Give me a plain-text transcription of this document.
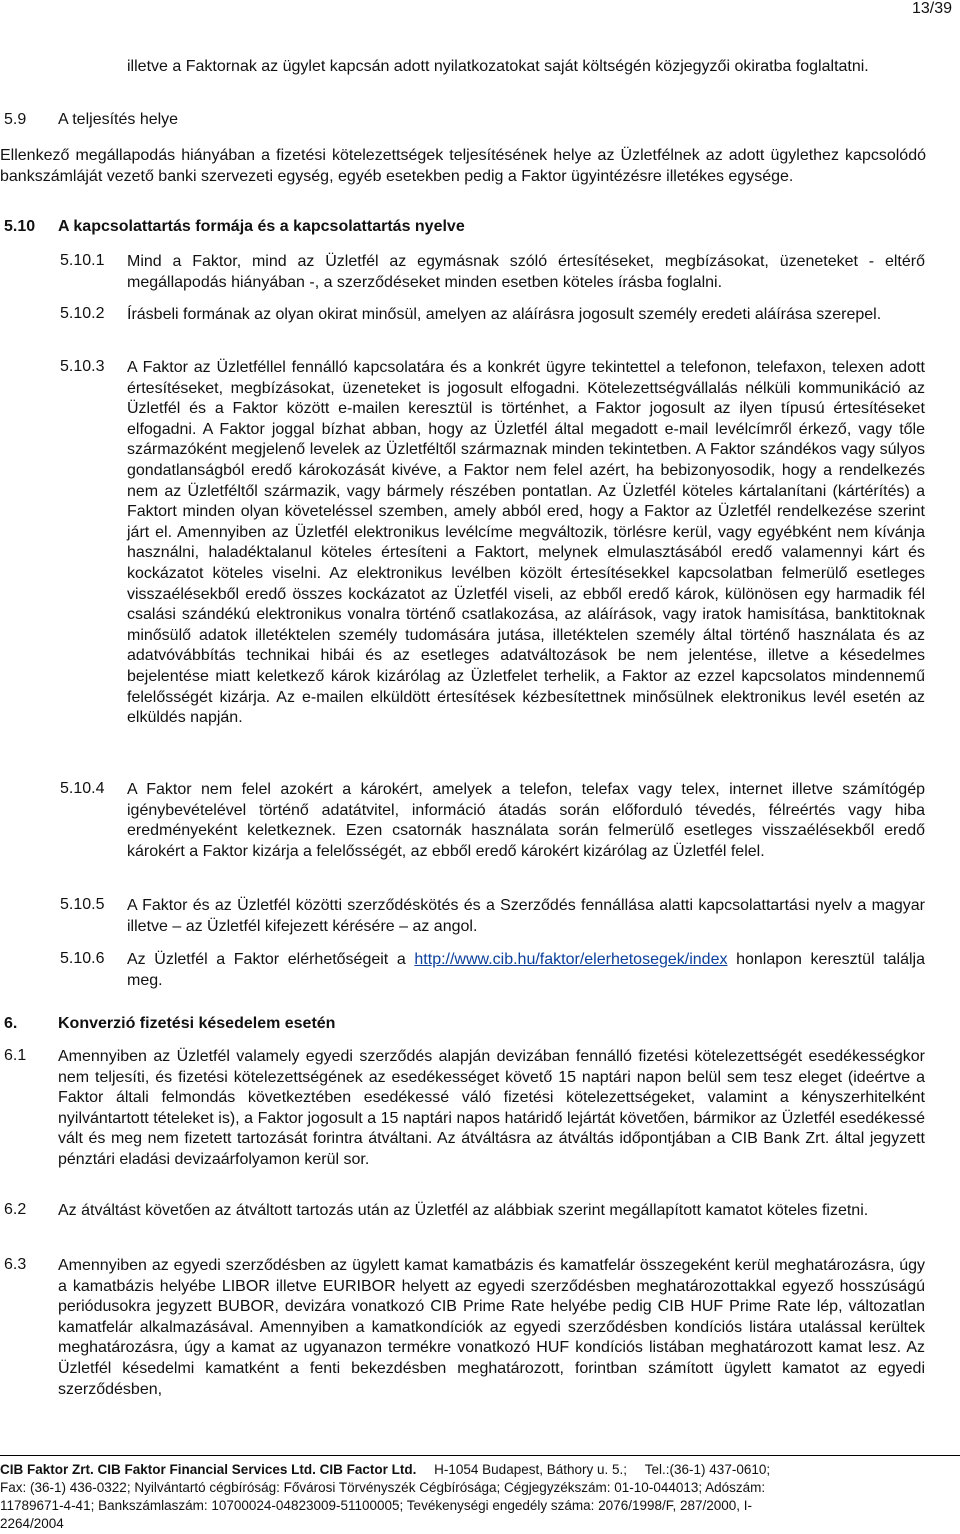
13/39
illetve a Faktornak az ügylet kapcsán adott nyilatkozatokat saját költségén közjegyzői okiratba foglaltatni.
5.9 A teljesítés helye
Ellenkező megállapodás hiányában a fizetési kötelezettségek teljesítésének helye az Üzletfélnek az adott ügylethez kapcsolódó bankszámláját vezető banki szervezeti egység, egyéb esetekben pedig a Faktor ügyintézésre illetékes egysége.
5.10 A kapcsolattartás formája és a kapcsolattartás nyelve
5.10.1 Mind a Faktor, mind az Üzletfél az egymásnak szóló értesítéseket, megbízásokat, üzeneteket - eltérő megállapodás hiányában -, a szerződéseket minden esetben köteles írásba foglalni.
5.10.2 Írásbeli formának az olyan okirat minősül, amelyen az aláírásra jogosult személy eredeti aláírása szerepel.
5.10.3 A Faktor az Üzletféllel fennálló kapcsolatára és a konkrét ügyre tekintettel a telefonon, telefaxon, telexen adott értesítéseket, megbízásokat, üzeneteket is jogosult elfogadni. Kötelezettségvállalás nélküli kommunikáció az Üzletfél és a Faktor között e-mailen keresztül is történhet, a Faktor jogosult az ilyen típusú értesítéseket elfogadni. A Faktor joggal bízhat abban, hogy az Üzletfél által megadott e-mail levélcímről érkező, vagy tőle származóként megjelenő levelek az Üzletféltől származnak minden tekintetben. A Faktor szándékos vagy súlyos gondatlanságból eredő károkozását kivéve, a Faktor nem felel azért, ha bebizonyosodik, hogy a rendelkezés nem az Üzletféltől származik, vagy bármely részében pontatlan. Az Üzletfél köteles kártalanítani (kártérítés) a Faktort minden olyan követeléssel szemben, amely abból ered, hogy a Faktor az Üzletfél rendelkezése szerint járt el. Amennyiben az Üzletfél elektronikus levélcíme megváltozik, törlésre kerül, vagy egyébként nem kívánja használni, haladéktalanul köteles értesíteni a Faktort, melynek elmulasztásából eredő valamennyi kárt és kockázatot köteles viselni. Az elektronikus levélben közölt értesítésekkel kapcsolatban felmerülő esetleges visszaélésekből eredő összes kockázatot az Üzletfél viseli, az ebből eredő károk, különösen egy harmadik fél csalási szándékú elektronikus vonalra történő csatlakozása, az aláírások, vagy iratok hamisítása, banktitoknak minősülő adatok illetéktelen személy tudomására jutása, illetéktelen személy által történő használata és az adatvóvábbítás technikai hibái és az esetleges adatváltozások be nem jelentése, illetve a késedelmes bejelentése miatt keletkező károk kizárólag az Üzletfelet terhelik, a Faktor az ezzel kapcsolatos mindennemű felelősségét kizárja. Az e-mailen elküldött értesítések kézbesítettnek minősülnek elektronikus levél esetén az elküldés napján.
5.10.4 A Faktor nem felel azokért a károkért, amelyek a telefon, telefax vagy telex, internet illetve számítógép igénybevételével történő adatátvitel, információ átadás során előforduló tévedés, félreértés vagy hiba eredményeként keletkeznek. Ezen csatornák használata során felmerülő esetleges visszaélésekből eredő károkért a Faktor kizárja a felelősségét, az ebből eredő károkért kizárólag az Üzletfél felel.
5.10.5 A Faktor és az Üzletfél közötti szerződéskötés és a Szerződés fennállása alatti kapcsolattartási nyelv a magyar illetve – az Üzletfél kifejezett kérésére – az angol.
5.10.6 Az Üzletfél a Faktor elérhetőségeit a http://www.cib.hu/faktor/elerhetosegek/index honlapon keresztül találja meg.
6.	Konverzió fizetési késedelem esetén
6.1 Amennyiben az Üzletfél valamely egyedi szerződés alapján devizában fennálló fizetési kötelezettségét esedékességkor nem teljesíti, és fizetési kötelezettségének az esedékességet követő 15 naptári napon belül sem tesz eleget (ideértve a Faktor általi felmondás következtében esedékessé váló fizetési kötelezettségeket, valamint a kényszerhitelként nyilvántartott tételeket is), a Faktor jogosult a 15 naptári napos határidő lejártát követően, bármikor az Üzletfél esedékessé vált és meg nem fizetett tartozását forintra átváltani. Az átváltásra az átváltás időpontjában a CIB Bank Zrt. által jegyzett pénztári eladási devizaárfolyamon kerül sor.
6.2 Az átváltást követően az átváltott tartozás után az Üzletfél az alábbiak szerint megállapított kamatot köteles fizetni.
6.3 Amennyiben az egyedi szerződésben az ügylett kamat kamatbázis és kamatfelár összegeként kerül meghatározásra, úgy a kamatbázis helyébe LIBOR illetve EURIBOR helyett az egyedi szerződésben meghatározottakkal egyező hosszúságú periódusokra jegyzett BUBOR, devizára vonatkozó CIB Prime Rate helyébe pedig CIB HUF Prime Rate lép, változatlan kamatfelár alkalmazásával. Amennyiben a kamatkondíciók az egyedi szerződésben kondíciós listára utalással kerültek meghatározásra, úgy a kamat az ugyanazon termékre vonatkozó HUF kondíciós listában meghatározott kamat lesz. Az Üzletfél késedelmi kamatként a fenti bekezdésben meghatározott, forintban számított ügylett kamatot az egyedi szerződésben,
CIB Faktor Zrt. CIB Faktor Financial Services Ltd. CIB Factor Ltd. H-1054 Budapest, Báthory u. 5.; Tel.:(36-1) 437-0610;
Fax: (36-1) 436-0322; Nyilvántartó cégbíróság: Fővárosi Törvényszék Cégbírósága; Cégjegyzékszám: 01-10-044013; Adószám:
11789671-4-41; Bankszámlaszám: 10700024-04823009-51100005; Tevékenységi engedély száma: 2076/1998/F, 287/2000, I-
2264/2004
